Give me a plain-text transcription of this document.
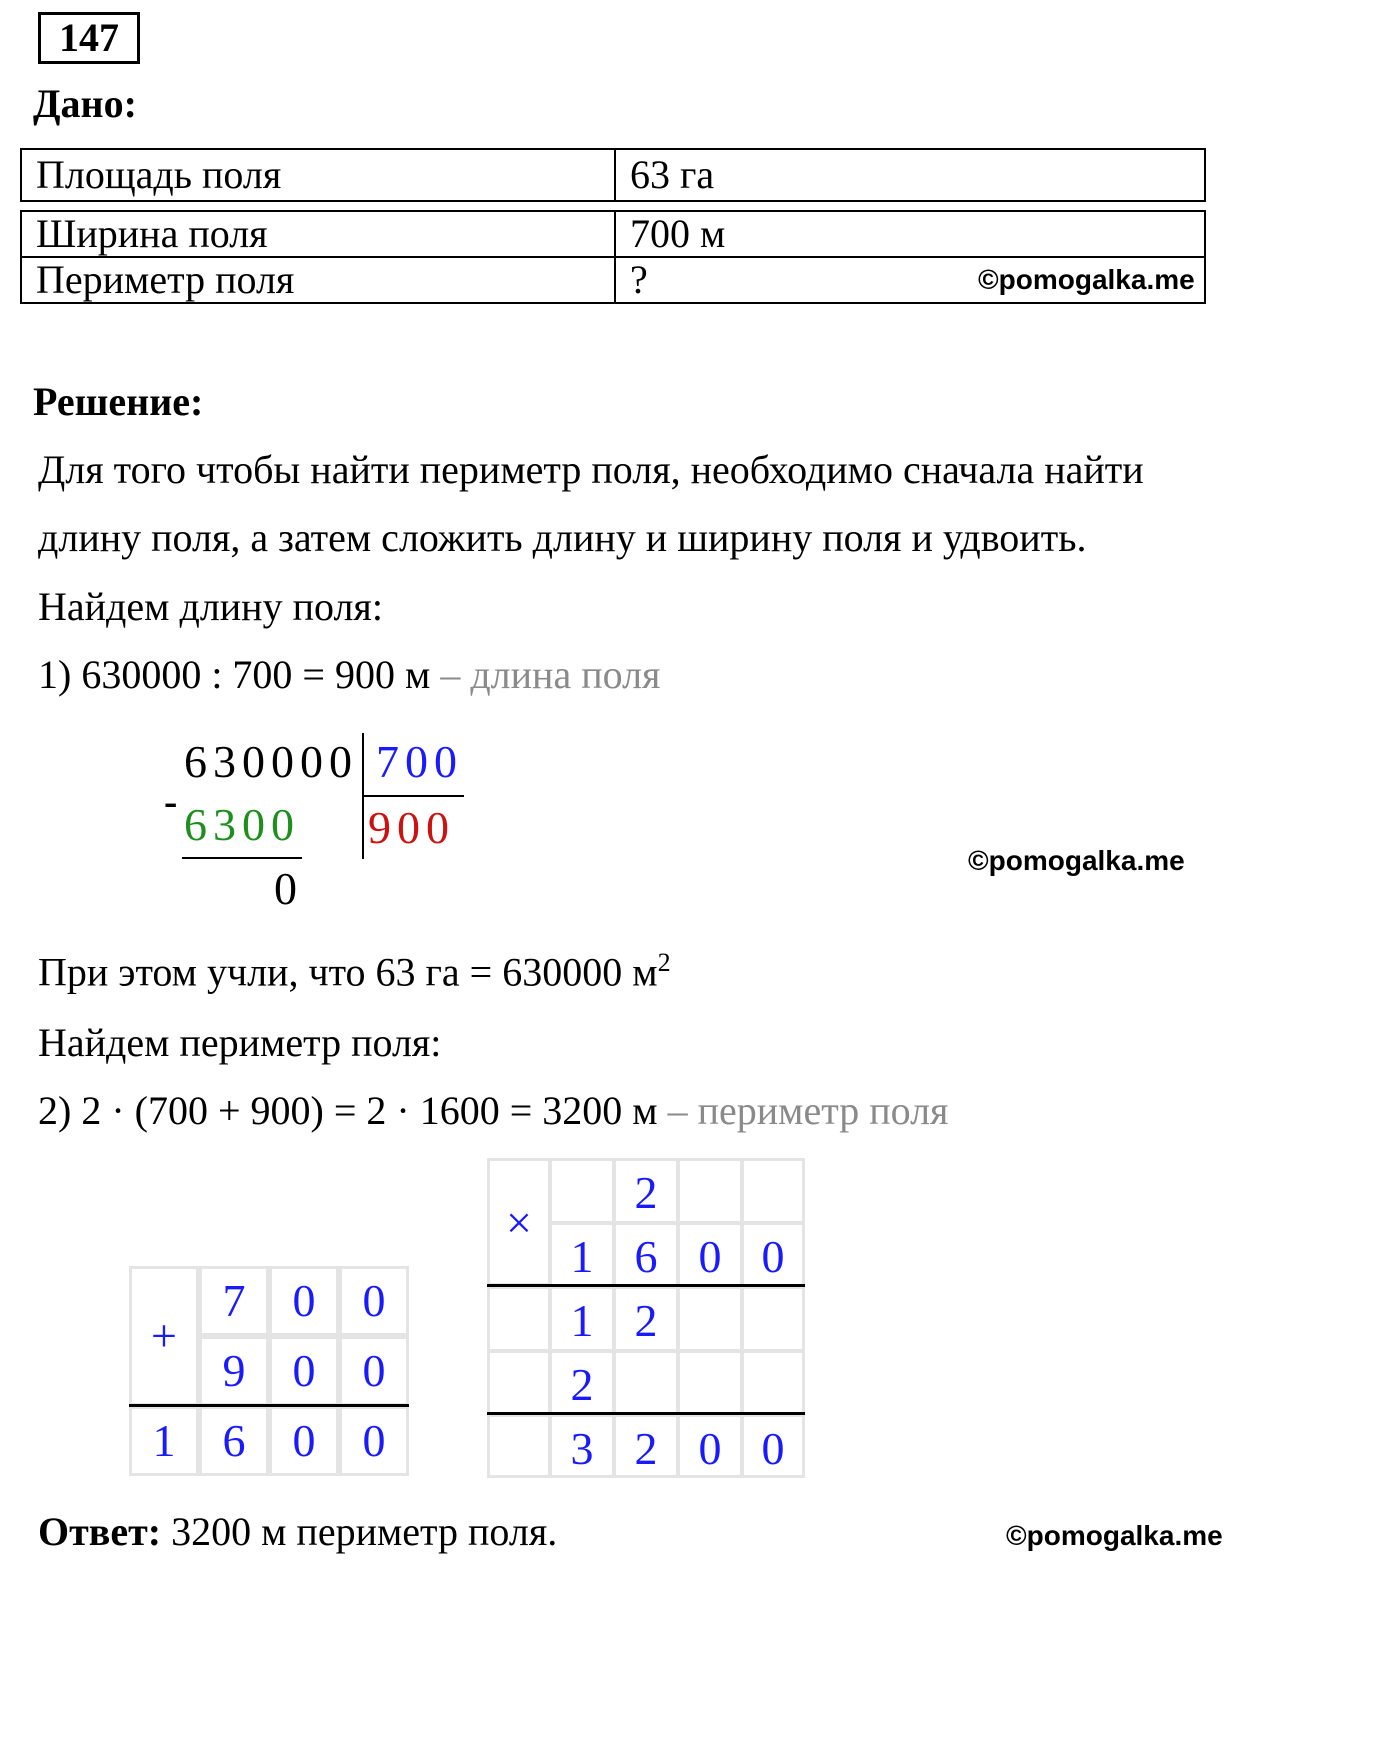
147
Дано:
Площадь поля	63 га
Ширина поля	700 м
Периметр поля	?	©pomogalka.me
Решение:
Для того чтобы найти периметр поля, необходимо сначала найти
длину поля, а затем сложить длину и ширину поля и удвоить.
Найдем длину поля:
1) 630000 : 700 = 900 м – длина поля
630000 700
- 6300 900
0
©pomogalka.me
При этом учли, что 63 га = 630000 $м^2$
Найдем периметр поля:
2) 2 · (700 + 900) = 2 · 1600 = 3200 м – периметр поля
+
7	0	0
9	0	0
1	6	0	0
×
2
1 6 0 0
1 2
2
3 2 0 0
Ответ: 3200 м периметр поля.	©pomogalka.me
